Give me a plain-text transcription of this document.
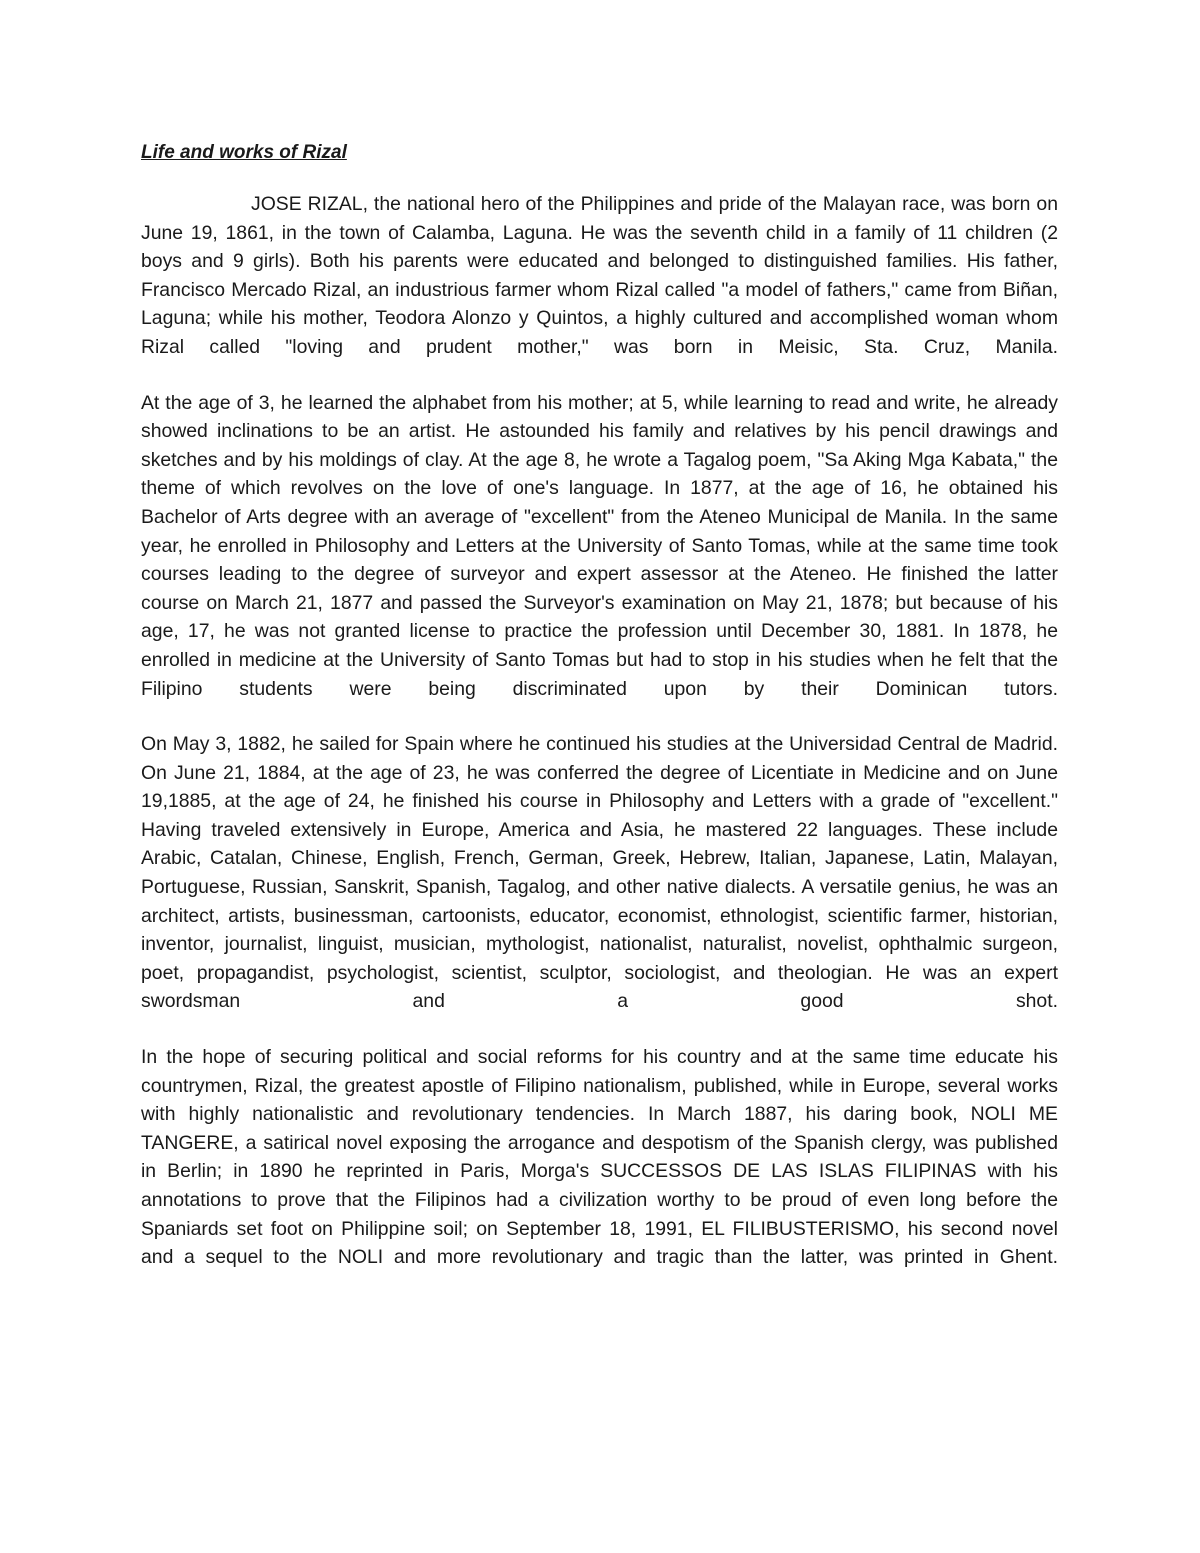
Life and works of Rizal

JOSE RIZAL, the national hero of the Philippines and pride of the Malayan race, was born on June 19, 1861, in the town of Calamba, Laguna. He was the seventh child in a family of 11 children (2 boys and 9 girls). Both his parents were educated and belonged to distinguished families. His father, Francisco Mercado Rizal, an industrious farmer whom Rizal called "a model of fathers," came from Biñan, Laguna; while his mother, Teodora Alonzo y Quintos, a highly cultured and accomplished woman whom Rizal called "loving and prudent mother," was born in Meisic, Sta. Cruz, Manila.

At the age of 3, he learned the alphabet from his mother; at 5, while learning to read and write, he already showed inclinations to be an artist. He astounded his family and relatives by his pencil drawings and sketches and by his moldings of clay. At the age 8, he wrote a Tagalog poem, "Sa Aking Mga Kabata," the theme of which revolves on the love of one's language. In 1877, at the age of 16, he obtained his Bachelor of Arts degree with an average of "excellent" from the Ateneo Municipal de Manila. In the same year, he enrolled in Philosophy and Letters at the University of Santo Tomas, while at the same time took courses leading to the degree of surveyor and expert assessor at the Ateneo. He finished the latter course on March 21, 1877 and passed the Surveyor's examination on May 21, 1878; but because of his age, 17, he was not granted license to practice the profession until December 30, 1881. In 1878, he enrolled in medicine at the University of Santo Tomas but had to stop in his studies when he felt that the Filipino students were being discriminated upon by their Dominican tutors.

On May 3, 1882, he sailed for Spain where he continued his studies at the Universidad Central de Madrid. On June 21, 1884, at the age of 23, he was conferred the degree of Licentiate in Medicine and on June 19,1885, at the age of 24, he finished his course in Philosophy and Letters with a grade of "excellent." Having traveled extensively in Europe, America and Asia, he mastered 22 languages. These include Arabic, Catalan, Chinese, English, French, German, Greek, Hebrew, Italian, Japanese, Latin, Malayan, Portuguese, Russian, Sanskrit, Spanish, Tagalog, and other native dialects. A versatile genius, he was an architect, artists, businessman, cartoonists, educator, economist, ethnologist, scientific farmer, historian, inventor, journalist, linguist, musician, mythologist, nationalist, naturalist, novelist, ophthalmic surgeon, poet, propagandist, psychologist, scientist, sculptor, sociologist, and theologian. He was an expert swordsman and a good shot.

In the hope of securing political and social reforms for his country and at the same time educate his countrymen, Rizal, the greatest apostle of Filipino nationalism, published, while in Europe, several works with highly nationalistic and revolutionary tendencies. In March 1887, his daring book, NOLI ME TANGERE, a satirical novel exposing the arrogance and despotism of the Spanish clergy, was published in Berlin; in 1890 he reprinted in Paris, Morga's SUCCESSOS DE LAS ISLAS FILIPINAS with his annotations to prove that the Filipinos had a civilization worthy to be proud of even long before the Spaniards set foot on Philippine soil; on September 18, 1991, EL FILIBUSTERISMO, his second novel and a sequel to the NOLI and more revolutionary and tragic than the latter, was printed in Ghent.
